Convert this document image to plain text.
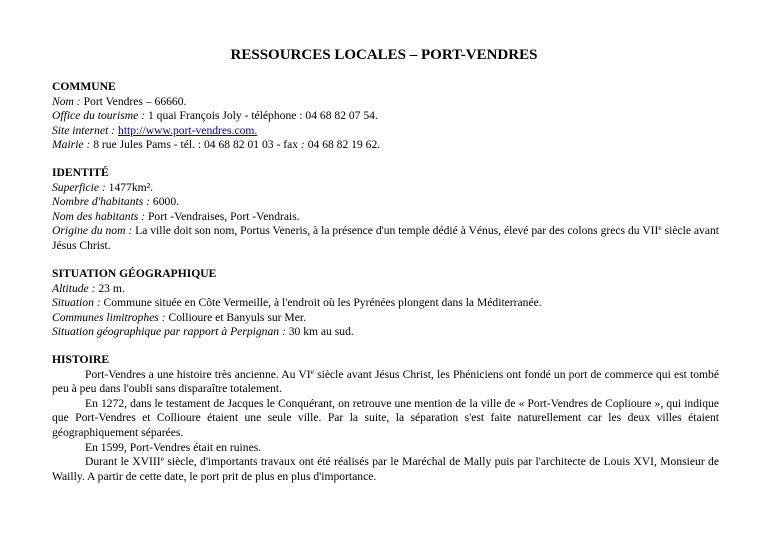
RESSOURCES LOCALES – PORT-VENDRES

COMMUNE

Nom : Port Vendres – 66660.

Office du tourisme : 1 quai François Joly - téléphone : 04 68 82 07 54.

Site internet : http://www.port-vendres.com.

Mairie : 8 rue Jules Pams - tél. : 04 68 82 01 03 - fax : 04 68 82 19 62.

IDENTITÉ

Superficie : 1477km².

Nombre d'habitants : 6000.

Nom des habitants : Port -Vendraises, Port -Vendrais.

Origine du nom : La ville doit son nom, Portus Veneris, à la présence d'un temple dédié à Vénus, élevé par des colons grecs du VIIe siècle avant Jésus Christ.

SITUATION GÉOGRAPHIQUE

Altitude : 23 m.

Situation : Commune située en Côte Vermeille, à l'endroit où les Pyrénées plongent dans la Méditerranée.

Communes limitrophes : Collioure et Banyuls sur Mer.

Situation géographique par rapport à Perpignan : 30 km au sud.

HISTOIRE

Port-Vendres a une histoire très ancienne. Au VIe siècle avant Jésus Christ, les Phéniciens ont fondé un port de commerce qui est tombé peu à peu dans l'oubli sans disparaître totalement.

En 1272, dans le testament de Jacques le Conquérant, on retrouve une mention de la ville de « Port-Vendres de Coplioure », qui indique que Port-Vendres et Collioure étaient une seule ville. Par la suite, la séparation s'est faite naturellement car les deux villes étaient géographiquement séparées.

En 1599, Port-Vendres était en ruines.

Durant le XVIIIe siècle, d'importants travaux ont été réalisés par le Maréchal de Mally puis par l'architecte de Louis XVI, Monsieur de Wailly. A partir de cette date, le port prit de plus en plus d'importance.
